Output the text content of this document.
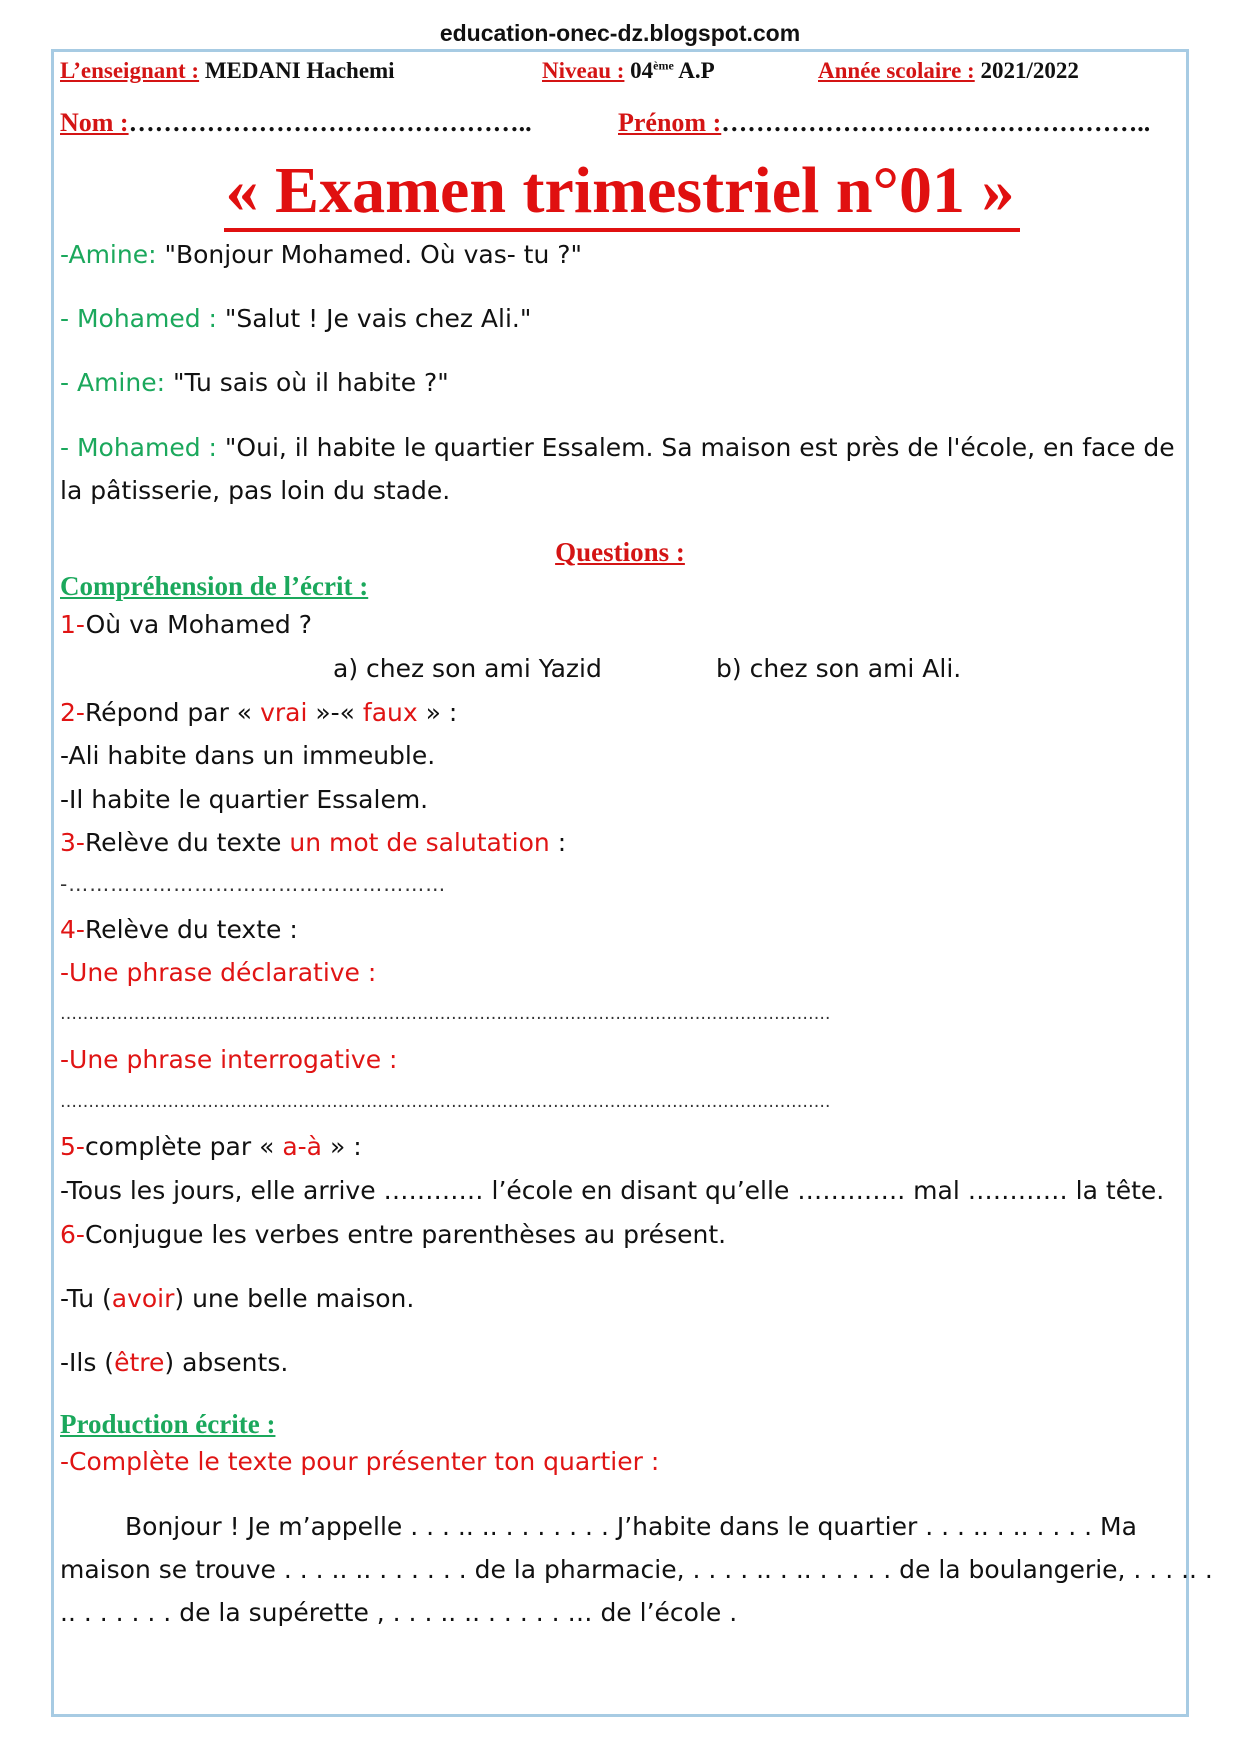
education-onec-dz.blogspot.com
L’enseignant : MEDANI Hachemi	Niveau : 04ème A.P	Année scolaire : 2021/2022
Nom :………………………………………..	Prénom :…………………………………………..
« Examen trimestriel n°01 »
-Amine: "Bonjour Mohamed. Où vas- tu ?"
- Mohamed : "Salut ! Je vais chez Ali."
- Amine: "Tu sais où il habite ?"
- Mohamed : "Oui, il habite le quartier Essalem. Sa maison est près de l'école, en face de
la pâtisserie, pas loin du stade.
Questions :
Compréhension de l’écrit :
1-Où va Mohamed ?
a) chez son ami Yazid	b) chez son ami Ali.
2-Répond par « vrai »-« faux » :
-Ali habite dans un immeuble.
-Il habite le quartier Essalem.
3-Relève du texte un mot de salutation :
-………………………………………………
4-Relève du texte :
-Une phrase déclarative :
……………………………………………………………………………………………………………………….
-Une phrase interrogative :
……………………………………………………………………………………………………………………….
5-complète par « a-à » :
-Tous les jours, elle arrive ………… l’école en disant qu’elle …………. mal ………… la tête.
6-Conjugue les verbes entre parenthèses au présent.
-Tu (avoir) une belle maison.
-Ils (être) absents.
Production écrite :
-Complète le texte pour présenter ton quartier :
Bonjour ! Je m’appelle . . . .. .. . . . . . . . J’habite dans le quartier . . . .. . .. . . . . Ma
maison se trouve . . . .. .. . . . . . . de la pharmacie, . . . . .. . .. . . . . . de la boulangerie, . . . .. .
.. . . . . . . de la supérette , . . . .. .. . . . . . … de l’école .
